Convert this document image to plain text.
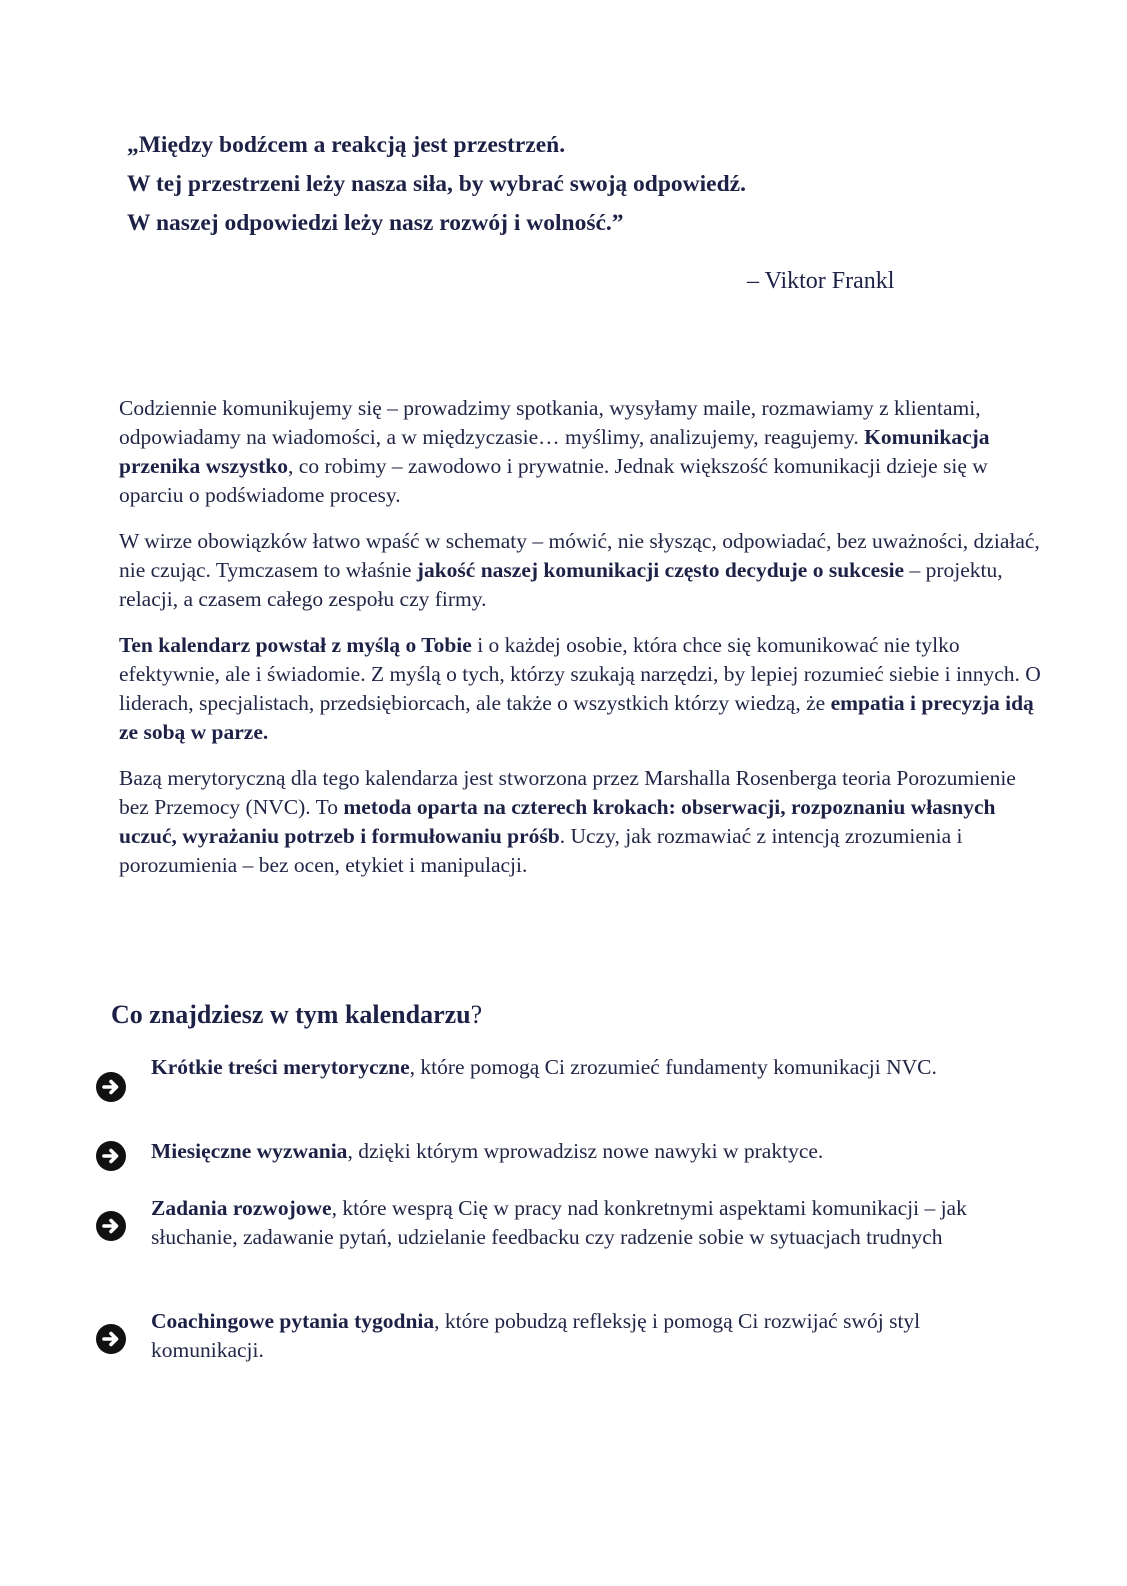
„Między bodźcem a reakcją jest przestrzeń.
W tej przestrzeni leży nasza siła, by wybrać swoją odpowiedź.
W naszej odpowiedzi leży nasz rozwój i wolność.”
– Viktor Frankl

Codziennie komunikujemy się – prowadzimy spotkania, wysyłamy maile, rozmawiamy z klientami, odpowiadamy na wiadomości, a w międzyczasie… myślimy, analizujemy, reagujemy. Komunikacja przenika wszystko, co robimy – zawodowo i prywatnie. Jednak większość komunikacji dzieje się w oparciu o podświadome procesy.

W wirze obowiązków łatwo wpaść w schematy – mówić, nie słysząc, odpowiadać, bez uważności, działać, nie czując. Tymczasem to właśnie jakość naszej komunikacji często decyduje o sukcesie – projektu, relacji, a czasem całego zespołu czy firmy.

Ten kalendarz powstał z myślą o Tobie i o każdej osobie, która chce się komunikować nie tylko efektywnie, ale i świadomie. Z myślą o tych, którzy szukają narzędzi, by lepiej rozumieć siebie i innych. O liderach, specjalistach, przedsiębiorcach, ale także o wszystkich którzy wiedzą, że empatia i precyzja idą ze sobą w parze.

Bazą merytoryczną dla tego kalendarza jest stworzona przez Marshalla Rosenberga teoria Porozumienie bez Przemocy (NVC). To metoda oparta na czterech krokach: obserwacji, rozpoznaniu własnych uczuć, wyrażaniu potrzeb i formułowaniu próśb. Uczy, jak rozmawiać z intencją zrozumienia i porozumienia – bez ocen, etykiet i manipulacji.

Co znajdziesz w tym kalendarzu?
Krótkie treści merytoryczne, które pomogą Ci zrozumieć fundamenty komunikacji NVC.
Miesięczne wyzwania, dzięki którym wprowadzisz nowe nawyki w praktyce.
Zadania rozwojowe, które wesprą Cię w pracy nad konkretnymi aspektami komunikacji – jak słuchanie, zadawanie pytań, udzielanie feedbacku czy radzenie sobie w sytuacjach trudnych
Coachingowe pytania tygodnia, które pobudzą refleksję i pomogą Ci rozwijać swój styl komunikacji.
